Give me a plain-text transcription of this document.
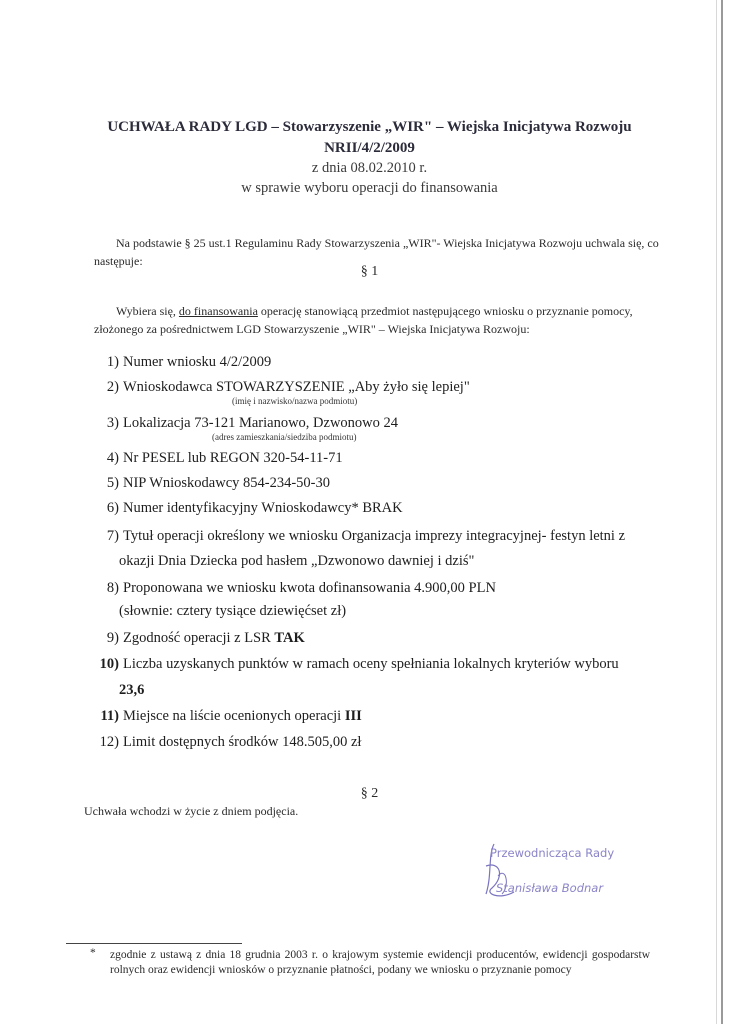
UCHWAŁA RADY LGD – Stowarzyszenie „WIR" – Wiejska Inicjatywa Rozwoju
NRII/4/2/2009
z dnia 08.02.2010 r.
w sprawie wyboru operacji do finansowania
Na podstawie § 25 ust.1 Regulaminu Rady Stowarzyszenia „WIR"- Wiejska Inicjatywa Rozwoju uchwala się, co następuje:
§ 1
Wybiera się, do finansowania operację stanowiącą przedmiot następującego wniosku o przyznanie pomocy, złożonego za pośrednictwem LGD Stowarzyszenie „WIR" – Wiejska Inicjatywa Rozwoju:
1) Numer wniosku 4/2/2009
2) Wnioskodawca STOWARZYSZENIE „Aby żyło się lepiej"
(imię i nazwisko/nazwa podmiotu)
3) Lokalizacja 73-121 Marianowo, Dzwonowo 24
(adres zamieszkania/siedziba podmiotu)
4) Nr PESEL lub REGON 320-54-11-71
5) NIP Wnioskodawcy 854-234-50-30
6) Numer identyfikacyjny Wnioskodawcy* BRAK
7) Tytuł operacji określony we wniosku Organizacja imprezy integracyjnej- festyn letni z
okazji Dnia Dziecka pod hasłem „Dzwonowo dawniej i dziś"
8) Proponowana we wniosku kwota dofinansowania 4.900,00 PLN
(słownie: cztery tysiące dziewięćset zł)
9) Zgodność operacji z LSR TAK
10) Liczba uzyskanych punktów w ramach oceny spełniania lokalnych kryteriów wyboru
23,6
11) Miejsce na liście ocenionych operacji III
12) Limit dostępnych środków 148.505,00 zł
§ 2
Uchwała wchodzi w życie z dniem podjęcia.
Przewodnicząca Rady
Stanisława Bodnar
*	zgodnie z ustawą z dnia 18 grudnia 2003 r. o krajowym systemie ewidencji producentów, ewidencji gospodarstw rolnych oraz ewidencji wniosków o przyznanie płatności, podany we wniosku o przyznanie pomocy
